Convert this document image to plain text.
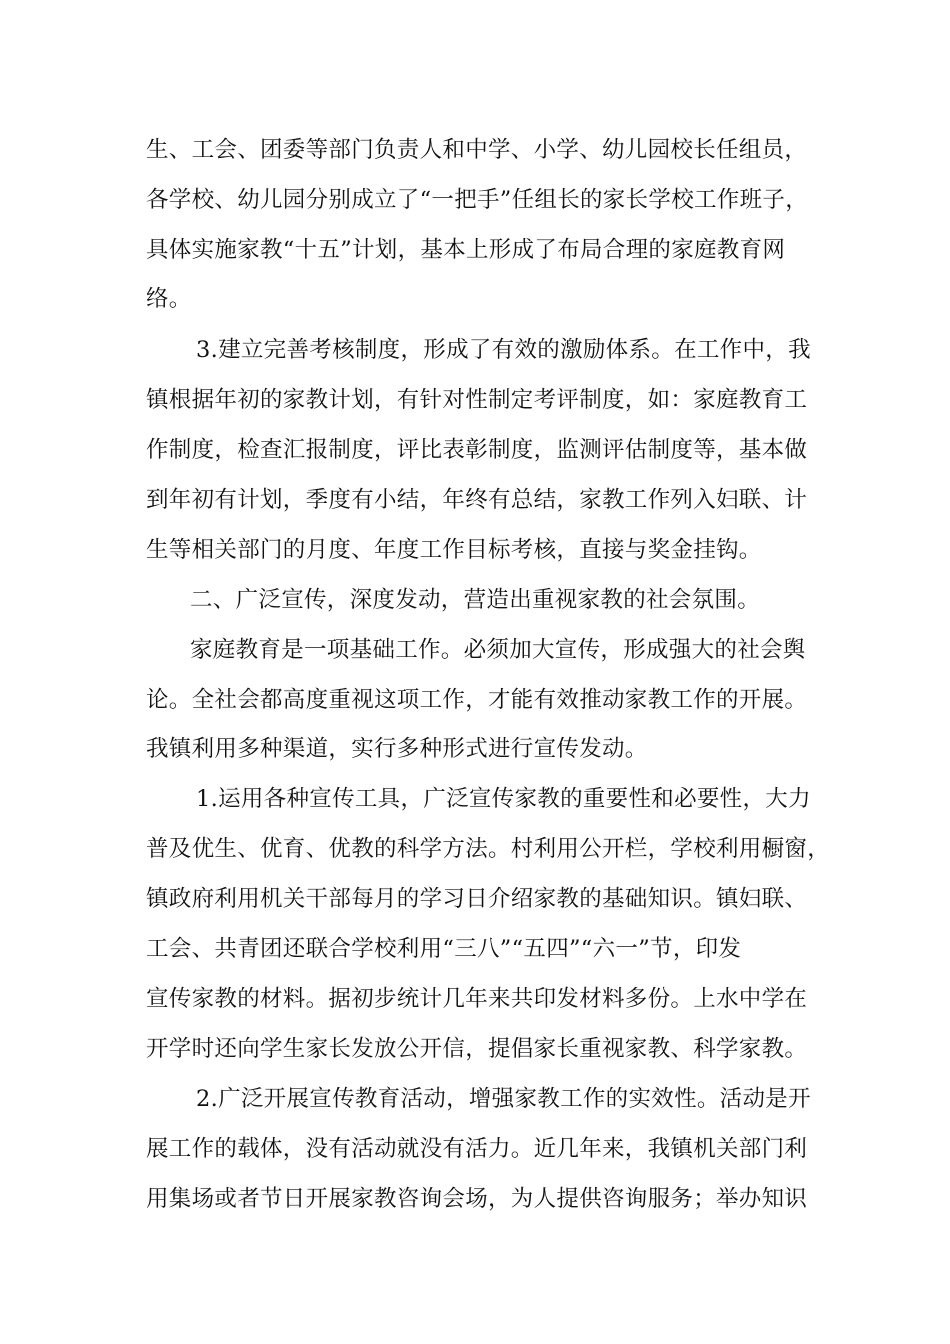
生、工会、团委等部门负责人和中学、小学、幼儿园校长任组员，
各学校、幼儿园分别成立了“一把手”任组长的家长学校工作班子，
具体实施家教“十五”计划，基本上形成了布局合理的家庭教育网
络。
3.建立完善考核制度，形成了有效的激励体系。在工作中，我
镇根据年初的家教计划，有针对性制定考评制度，如：家庭教育工
作制度，检查汇报制度，评比表彰制度，监测评估制度等，基本做
到年初有计划，季度有小结，年终有总结，家教工作列入妇联、计
生等相关部门的月度、年度工作目标考核，直接与奖金挂钩。
二、广泛宣传，深度发动，营造出重视家教的社会氛围。
家庭教育是一项基础工作。必须加大宣传，形成强大的社会舆
论。全社会都高度重视这项工作，才能有效推动家教工作的开展。
我镇利用多种渠道，实行多种形式进行宣传发动。
1.运用各种宣传工具，广泛宣传家教的重要性和必要性，大力
普及优生、优育、优教的科学方法。村利用公开栏，学校利用橱窗，
镇政府利用机关干部每月的学习日介绍家教的基础知识。镇妇联、
工会、共青团还联合学校利用“三八”“五四”“六一”节，印发
宣传家教的材料。据初步统计几年来共印发材料多份。上水中学在
开学时还向学生家长发放公开信，提倡家长重视家教、科学家教。
2.广泛开展宣传教育活动，增强家教工作的实效性。活动是开
展工作的载体，没有活动就没有活力。近几年来，我镇机关部门利
用集场或者节日开展家教咨询会场，为人提供咨询服务；举办知识
